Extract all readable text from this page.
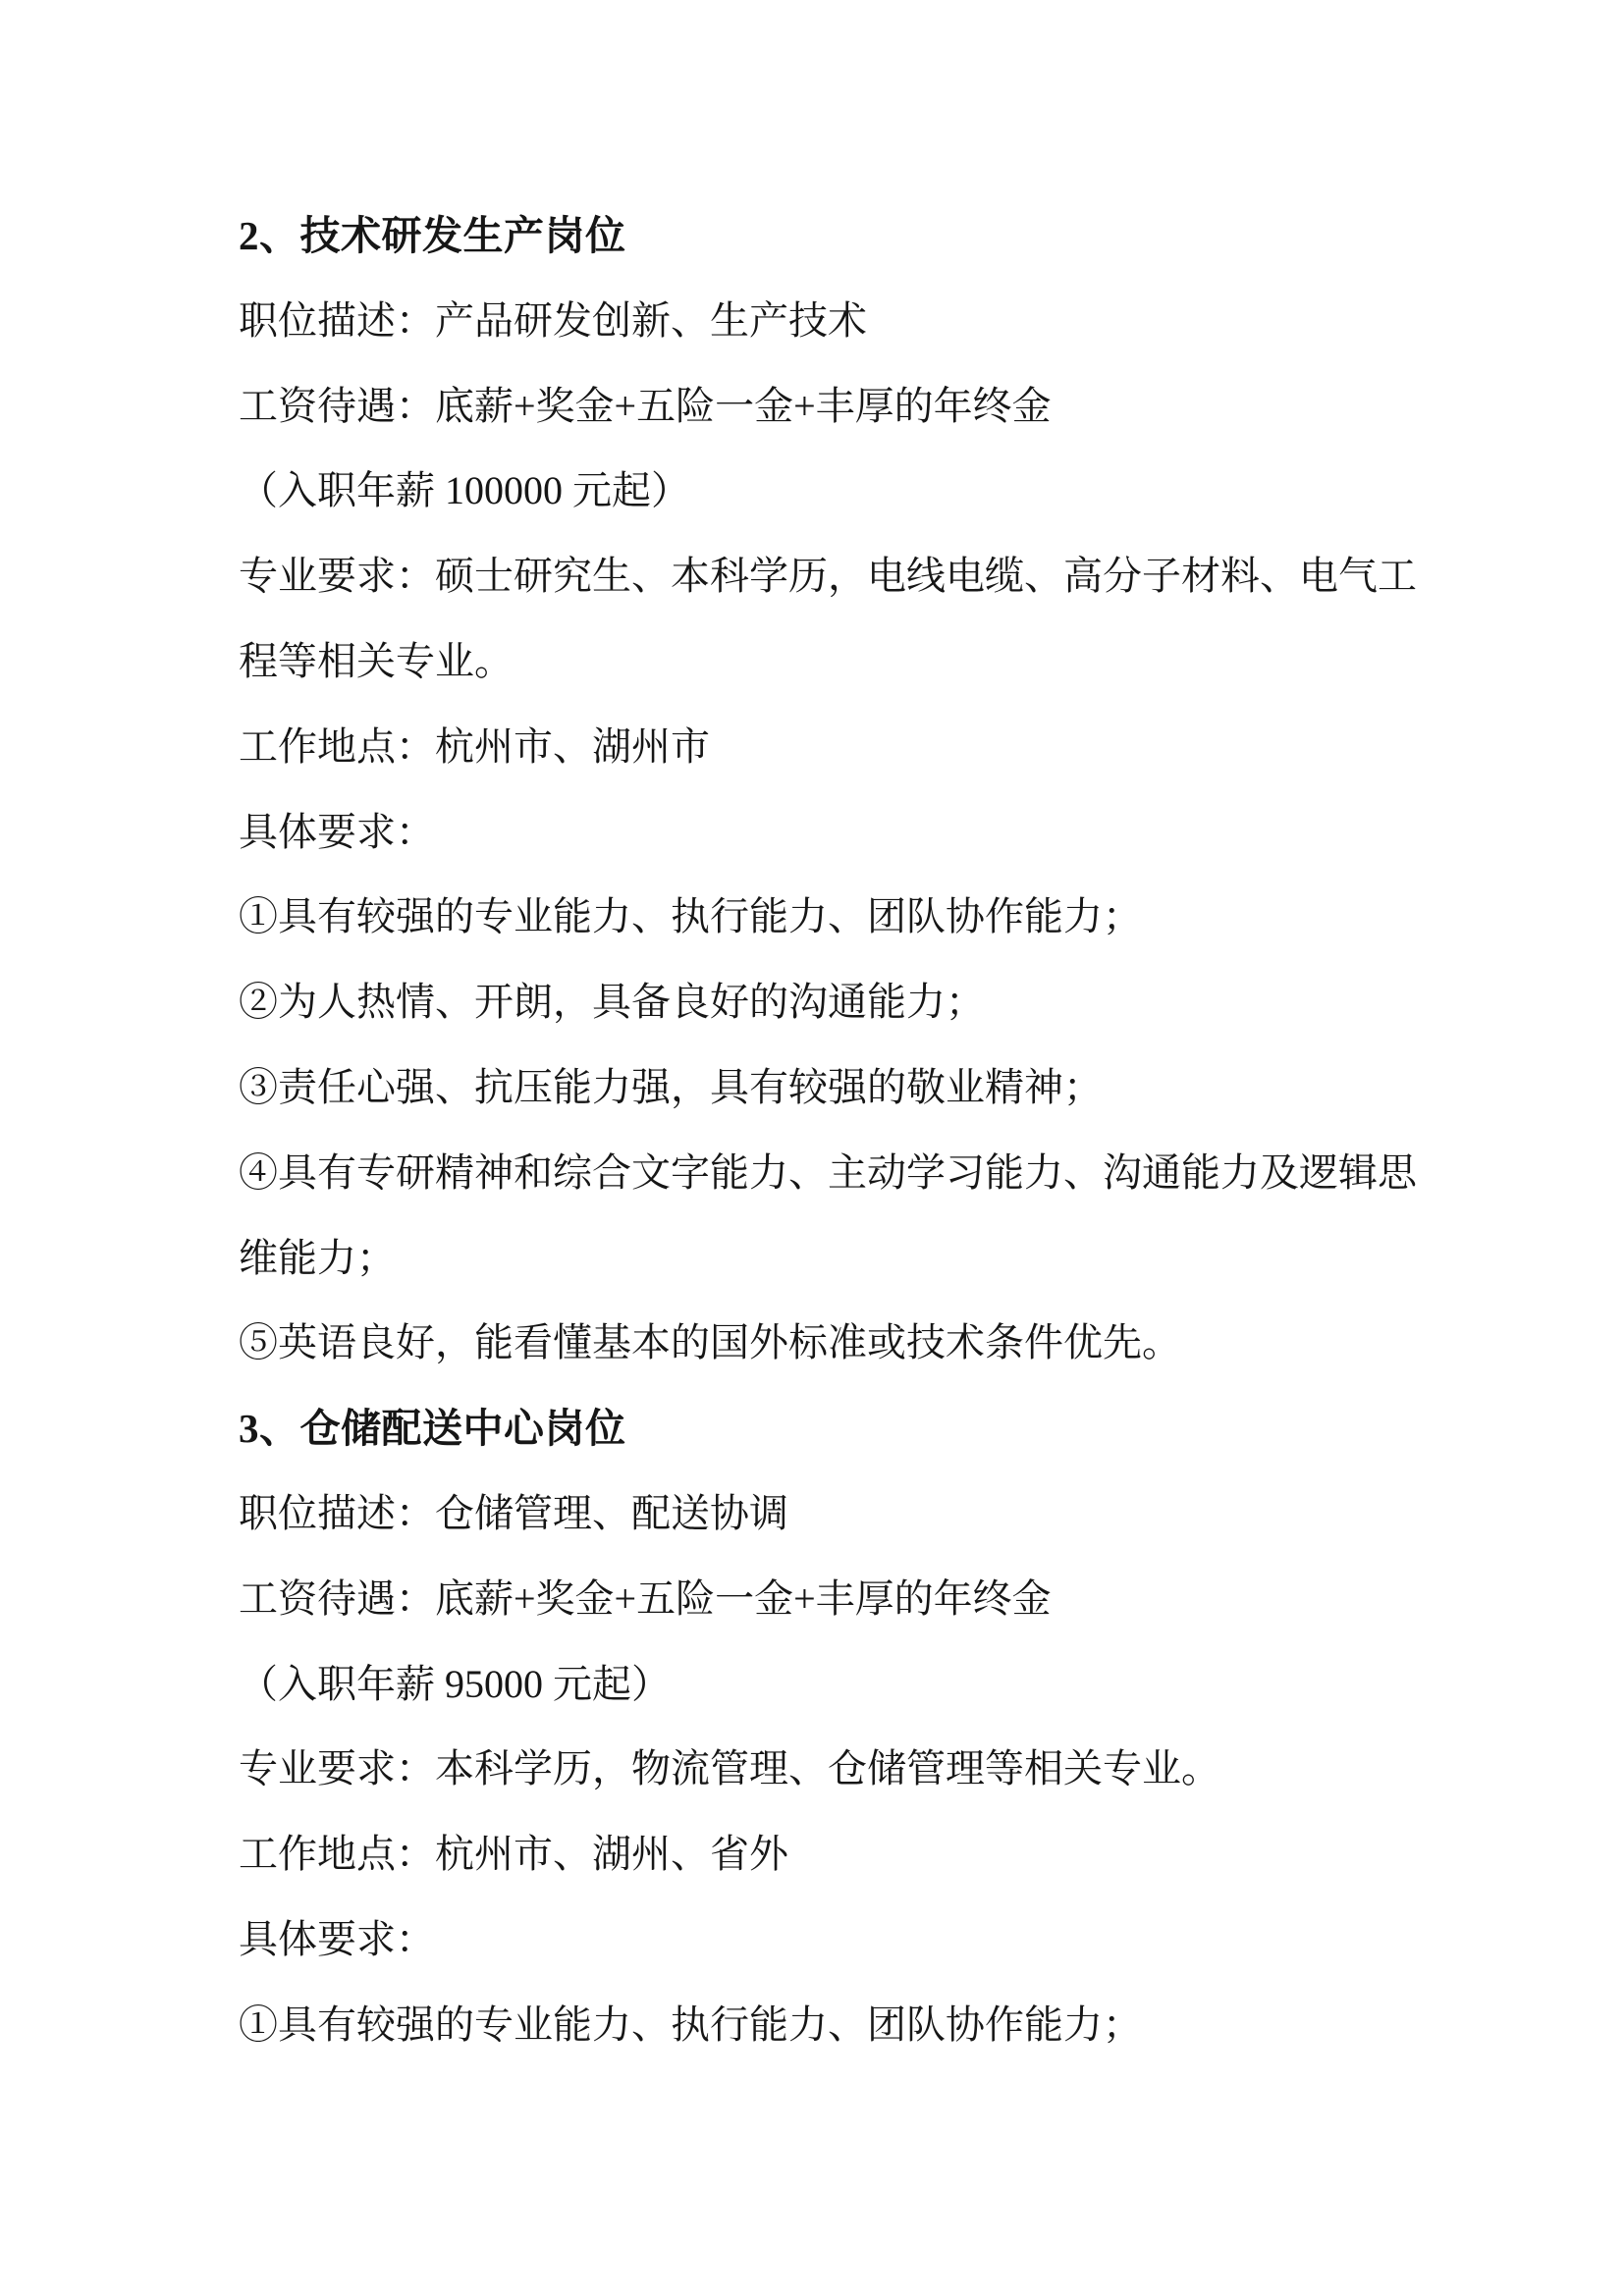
2、技术研发生产岗位
职位描述：产品研发创新、生产技术
工资待遇：底薪+奖金+五险一金+丰厚的年终金
（入职年薪 100000 元起）
专业要求：硕士研究生、本科学历，电线电缆、高分子材料、电气工
程等相关专业。
工作地点：杭州市、湖州市
具体要求：
①具有较强的专业能力、执行能力、团队协作能力；
②为人热情、开朗，具备良好的沟通能力；
③责任心强、抗压能力强，具有较强的敬业精神；
④具有专研精神和综合文字能力、主动学习能力、沟通能力及逻辑思
维能力；
⑤英语良好，能看懂基本的国外标准或技术条件优先。
3、仓储配送中心岗位
职位描述：仓储管理、配送协调
工资待遇：底薪+奖金+五险一金+丰厚的年终金
（入职年薪 95000 元起）
专业要求：本科学历，物流管理、仓储管理等相关专业。
工作地点：杭州市、湖州、省外
具体要求：
①具有较强的专业能力、执行能力、团队协作能力；
